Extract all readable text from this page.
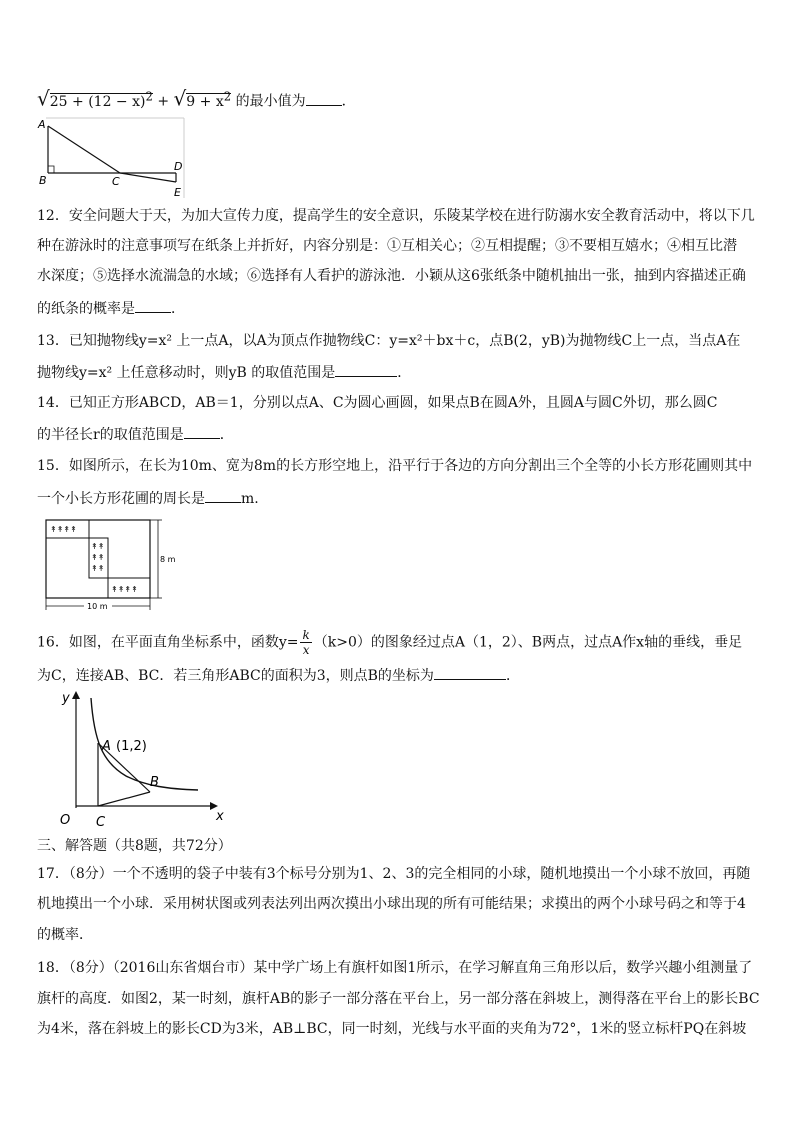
$√25 + (12 - x)^2 + √9 + x^2$ 的最小值为	．
A
B	C
D
E
12．安全问题大于天，为加大宣传力度，提高学生的安全意识，乐陵某学校在进行防溺水安全教育活动中，将以下几
种在游泳时的注意事项写在纸条上并折好，内容分别是：①互相关心；②互相提醒；③不要相互嬉水；④相互比潜
水深度；⑤选择水流湍急的水域；⑥选择有人看护的游泳池．小颖从这6张纸条中随机抽出一张，抽到内容描述正确
的纸条的概率是	．
13．已知抛物线y=x² 上一点A，以A为顶点作抛物线C：y=x²＋bx＋c，点B(2，yB)为抛物线C上一点，当点A在
抛物线y=x² 上任意移动时，则yB 的取值范围是	．
14．已知正方形ABCD，AB＝1，分别以点A、C为圆心画圆，如果点B在圆A外，且圆A与圆C外切，那么圆C
的半径长r的取值范围是	．
15．如图所示，在长为10m、宽为8m的长方形空地上，沿平行于各边的方向分割出三个全等的小长方形花圃则其中
一个小长方形花圃的周长是	m.
↟↟↟↟
↟↟
↟↟
↟↟
↟↟↟↟
8 m
10 m
16．如图，在平面直角坐标系中，函数$y= \frac{k}{x} (k>0)$的图象经过点A（1，2）、B两点，过点A作x轴的垂线，垂足
为C，连接AB、BC．若三角形ABC的面积为3，则点B的坐标为	．
y
x
O
A (1,2)
B
C
三、解答题（共8题，共72分）
17．（8分）一个不透明的袋子中装有3个标号分别为1、2、3的完全相同的小球，随机地摸出一个小球不放回，再随
机地摸出一个小球．采用树状图或列表法列出两次摸出小球出现的所有可能结果；求摸出的两个小球号码之和等于4
的概率．
18．（8分）（2016山东省烟台市）某中学广场上有旗杆如图1所示，在学习解直角三角形以后，数学兴趣小组测量了
旗杆的高度．如图2，某一时刻，旗杆AB的影子一部分落在平台上，另一部分落在斜坡上，测得落在平台上的影长BC
为4米，落在斜坡上的影长CD为3米，AB⊥BC，同一时刻，光线与水平面的夹角为72°，1米的竖立标杆PQ在斜坡
